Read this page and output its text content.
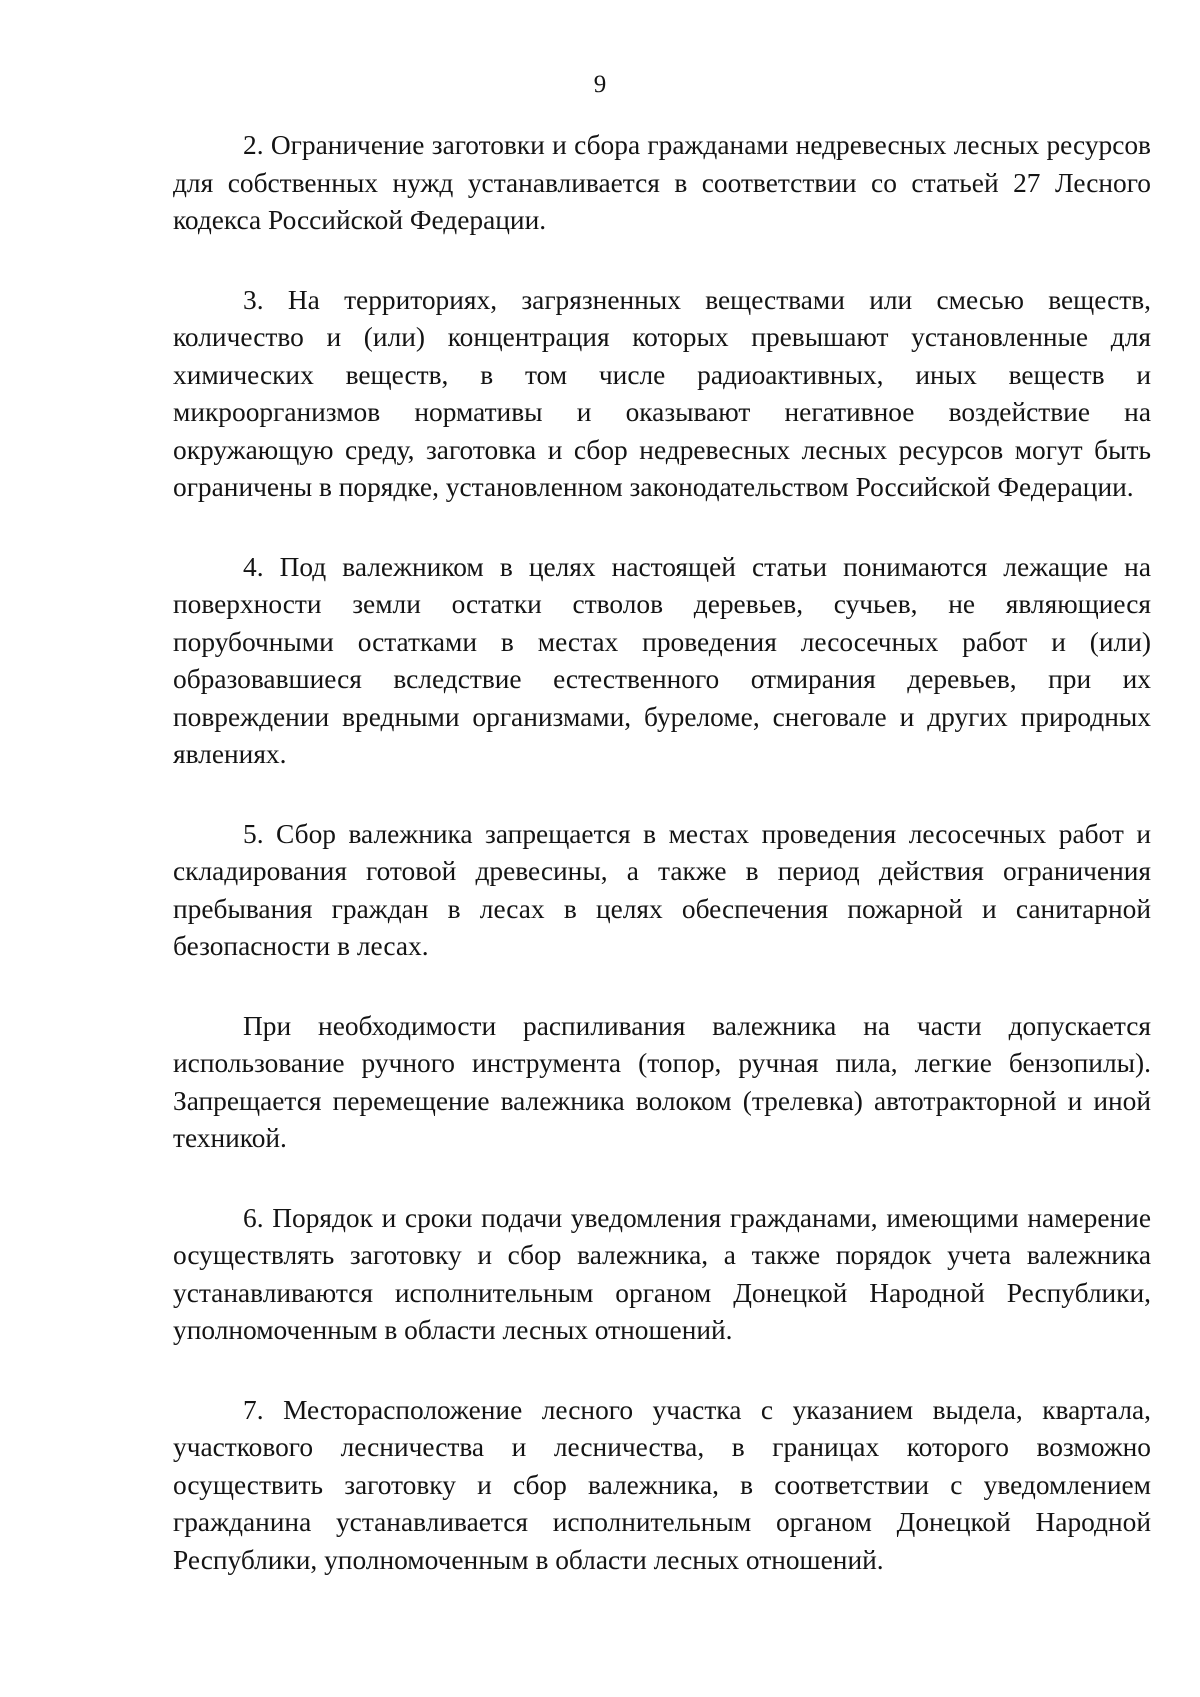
9

2. Ограничение заготовки и сбора гражданами недревесных лесных ресурсов для собственных нужд устанавливается в соответствии со статьей 27 Лесного кодекса Российской Федерации.

3. На территориях, загрязненных веществами или смесью веществ, количество и (или) концентрация которых превышают установленные для химических веществ, в том числе радиоактивных, иных веществ и микроорганизмов нормативы и оказывают негативное воздействие на окружающую среду, заготовка и сбор недревесных лесных ресурсов могут быть ограничены в порядке, установленном законодательством Российской Федерации.

4. Под валежником в целях настоящей статьи понимаются лежащие на поверхности земли остатки стволов деревьев, сучьев, не являющиеся порубочными остатками в местах проведения лесосечных работ и (или) образовавшиеся вследствие естественного отмирания деревьев, при их повреждении вредными организмами, буреломе, снеговале и других природных явлениях.

5. Сбор валежника запрещается в местах проведения лесосечных работ и складирования готовой древесины, а также в период действия ограничения пребывания граждан в лесах в целях обеспечения пожарной и санитарной безопасности в лесах.

При необходимости распиливания валежника на части допускается использование ручного инструмента (топор, ручная пила, легкие бензопилы). Запрещается перемещение валежника волоком (трелевка) автотракторной и иной техникой.

6. Порядок и сроки подачи уведомления гражданами, имеющими намерение осуществлять заготовку и сбор валежника, а также порядок учета валежника устанавливаются исполнительным органом Донецкой Народной Республики, уполномоченным в области лесных отношений.

7. Месторасположение лесного участка с указанием выдела, квартала, участкового лесничества и лесничества, в границах которого возможно осуществить заготовку и сбор валежника, в соответствии с уведомлением гражданина устанавливается исполнительным органом Донецкой Народной Республики, уполномоченным в области лесных отношений.
